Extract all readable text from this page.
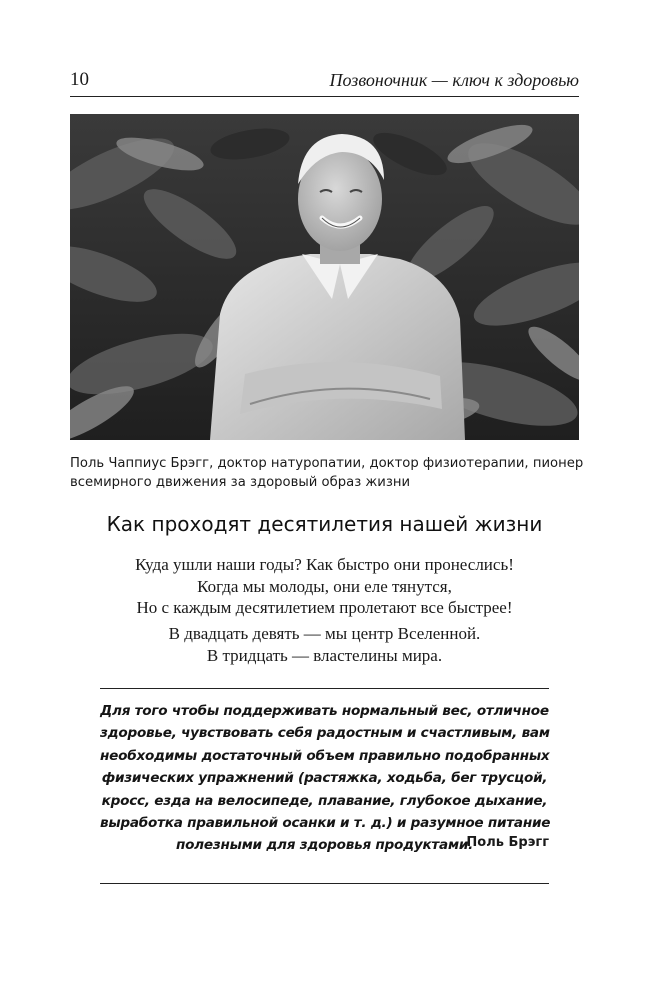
10	Позвоночник — ключ к здоровью
Поль Чаппиус Брэгг, доктор натуропатии, доктор физиотерапии, пионер
всемирного движения за здоровый образ жизни
Как проходят десятилетия нашей жизни
Куда ушли наши годы? Как быстро они пронеслись!
Когда мы молоды, они еле тянутся,
Но с каждым десятилетием пролетают все быстрее!
В двадцать девять — мы центр Вселенной.
В тридцать — властелины мира.
Для того чтобы поддерживать нормальный вес, отличное
здоровье, чувствовать себя радостным и счастливым, вам
необходимы достаточный объем правильно подобранных
физических упражнений (растяжка, ходьба, бег трусцой,
кросс, езда на велосипеде, плавание, глубокое дыхание,
выработка правильной осанки и т. д.) и разумное питание
полезными для здоровья продуктами.
Поль Брэгг
